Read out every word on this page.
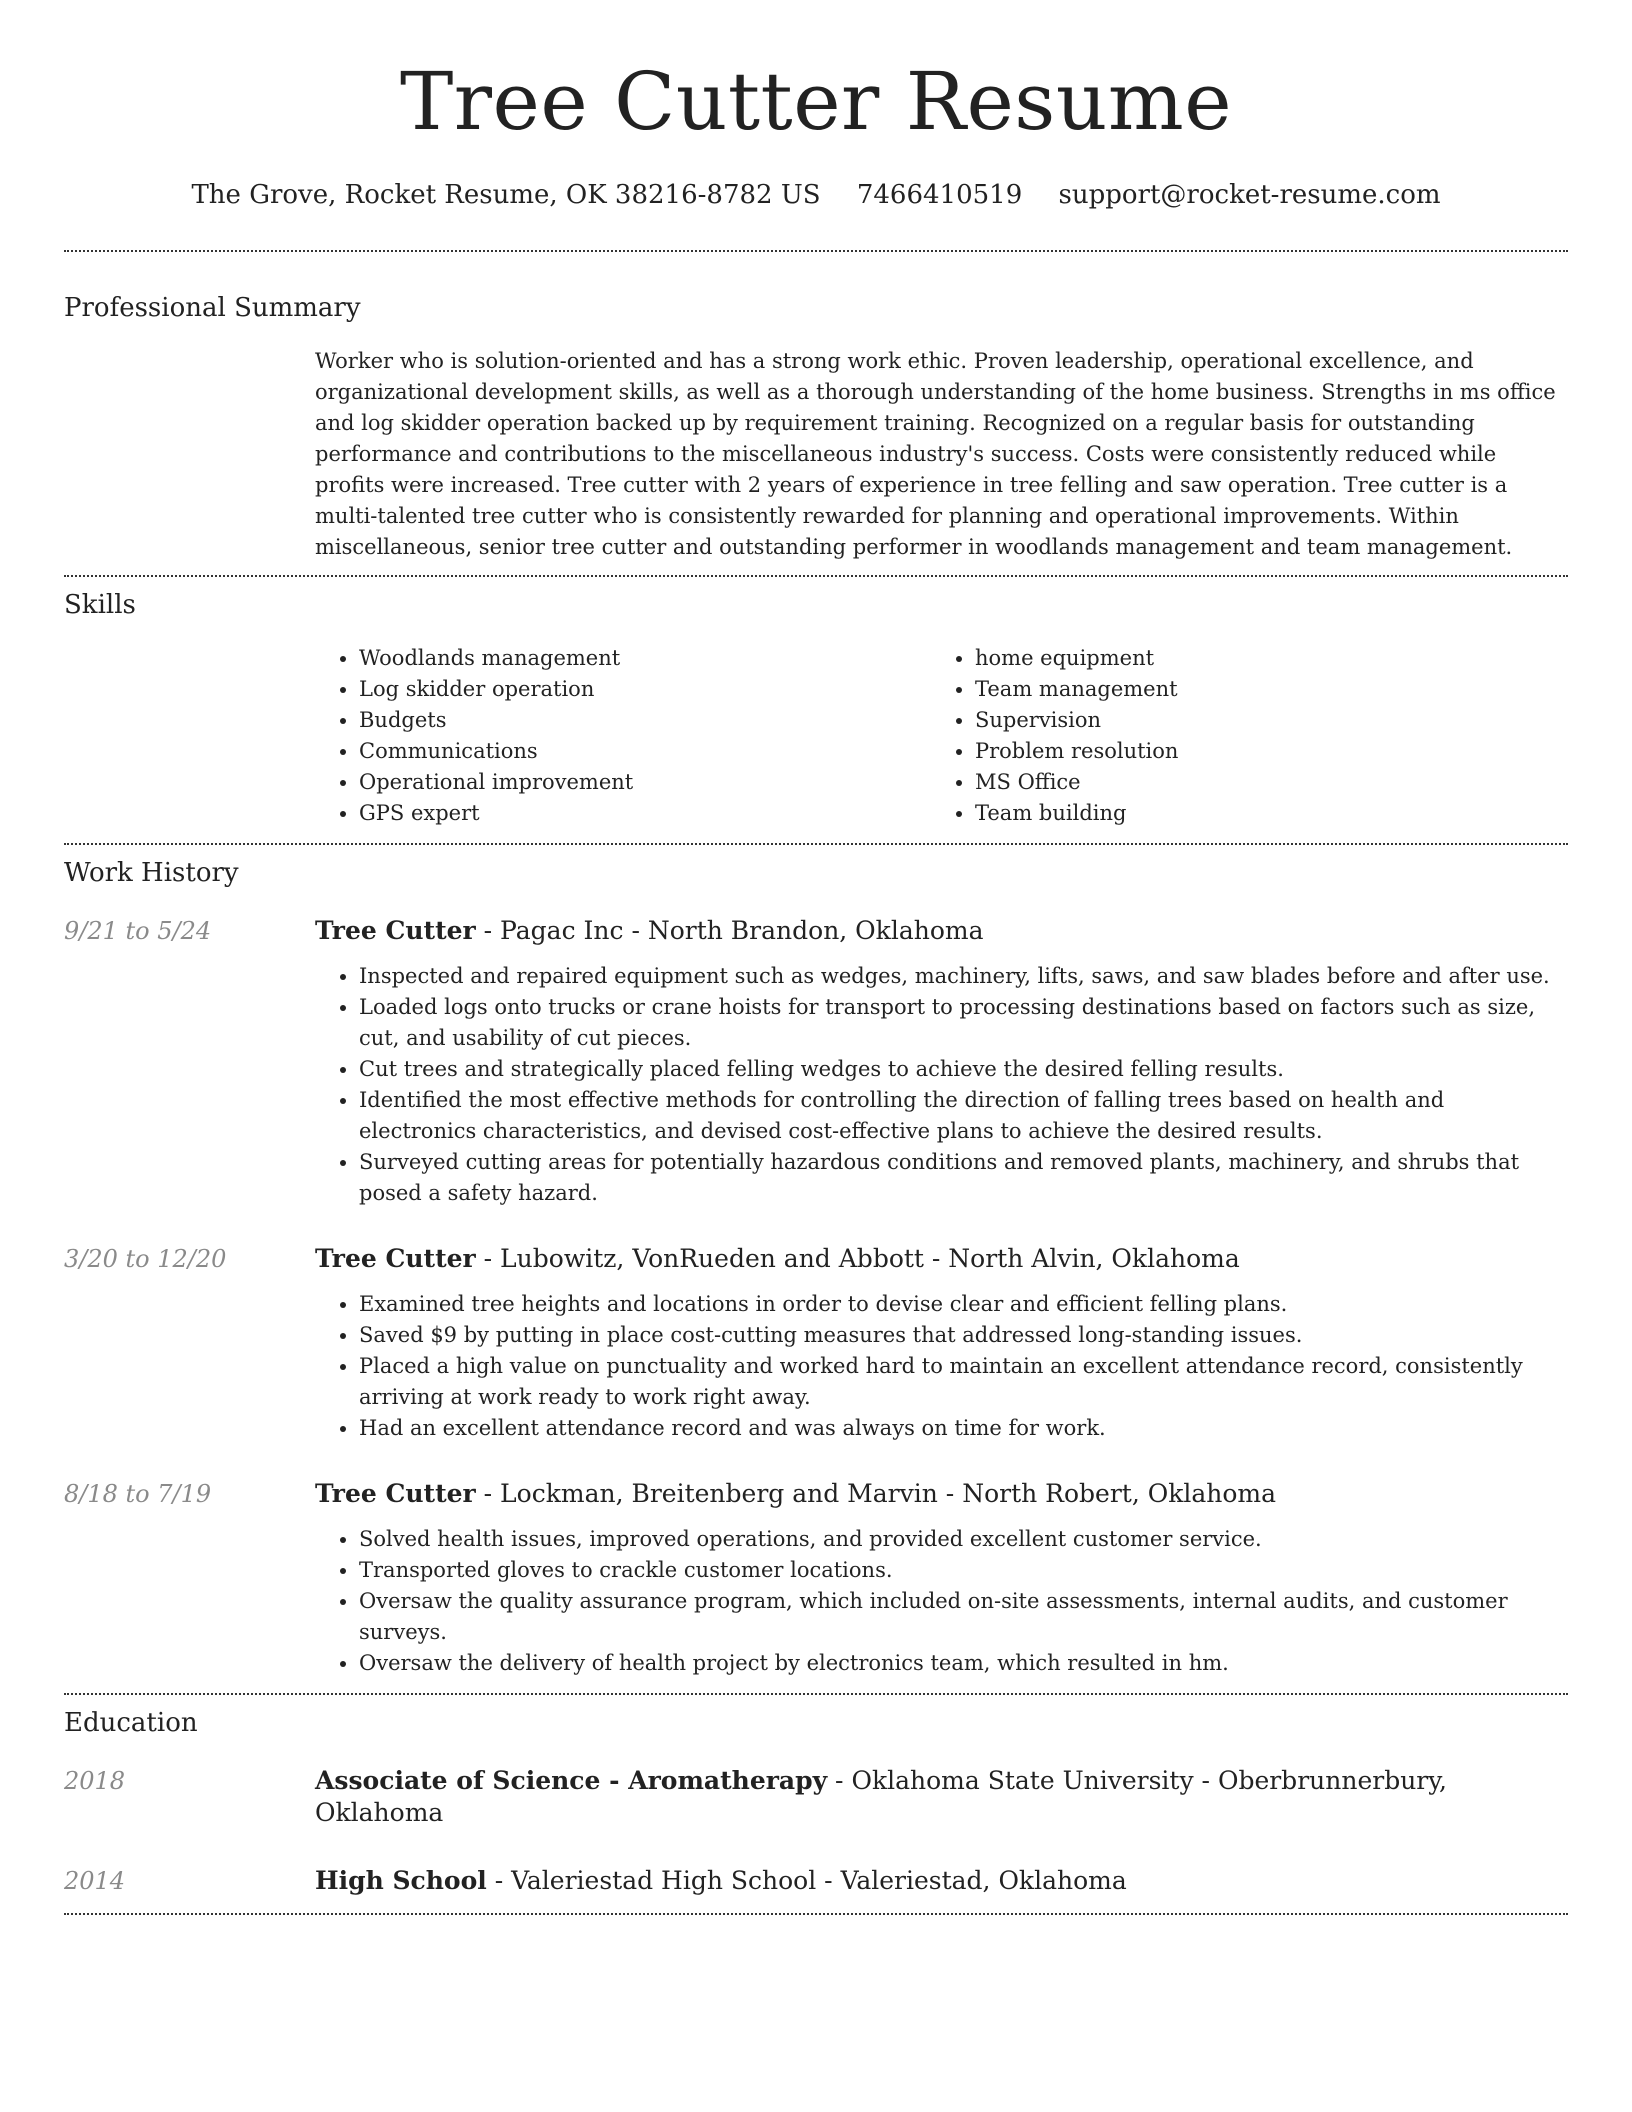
Tree Cutter Resume
The Grove, Rocket Resume, OK 38216-8782 US 7466410519 support@rocket-resume.com
Professional Summary

Worker who is solution-oriented and has a strong work ethic. Proven leadership, operational excellence, and organizational development skills, as well as a thorough understanding of the home business. Strengths in ms office and log skidder operation backed up by requirement training. Recognized on a regular basis for outstanding performance and contributions to the miscellaneous industry's success. Costs were consistently reduced while profits were increased. Tree cutter with 2 years of experience in tree felling and saw operation. Tree cutter is a multi-talented tree cutter who is consistently rewarded for planning and operational improvements. Within miscellaneous, senior tree cutter and outstanding performer in woodlands management and team management.

Skills
• Woodlands management
• Log skidder operation
• Budgets
• Communications
• Operational improvement
• GPS expert
• home equipment
• Team management
• Supervision
• Problem resolution
• MS Office
• Team building
Work History
9/21 to 5/24	Tree Cutter - Pagac Inc - North Brandon, Oklahoma

• Inspected and repaired equipment such as wedges, machinery, lifts, saws, and saw blades before and after use.
• Loaded logs onto trucks or crane hoists for transport to processing destinations based on factors such as size, cut, and usability of cut pieces.
• Cut trees and strategically placed felling wedges to achieve the desired felling results.
• Identified the most effective methods for controlling the direction of falling trees based on health and electronics characteristics, and devised cost-effective plans to achieve the desired results.
• Surveyed cutting areas for potentially hazardous conditions and removed plants, machinery, and shrubs that posed a safety hazard.
3/20 to 12/20	Tree Cutter - Lubowitz, VonRueden and Abbott - North Alvin, Oklahoma

• Examined tree heights and locations in order to devise clear and efficient felling plans.
• Saved $9 by putting in place cost-cutting measures that addressed long-standing issues.
• Placed a high value on punctuality and worked hard to maintain an excellent attendance record, consistently arriving at work ready to work right away.
• Had an excellent attendance record and was always on time for work.
8/18 to 7/19	Tree Cutter - Lockman, Breitenberg and Marvin - North Robert, Oklahoma

• Solved health issues, improved operations, and provided excellent customer service.
• Transported gloves to crackle customer locations.
• Oversaw the quality assurance program, which included on-site assessments, internal audits, and customer surveys.
• Oversaw the delivery of health project by electronics team, which resulted in hm.
Education
2018	Associate of Science - Aromatherapy - Oklahoma State University - Oberbrunnerbury, Oklahoma
2014	High School - Valeriestad High School - Valeriestad, Oklahoma
